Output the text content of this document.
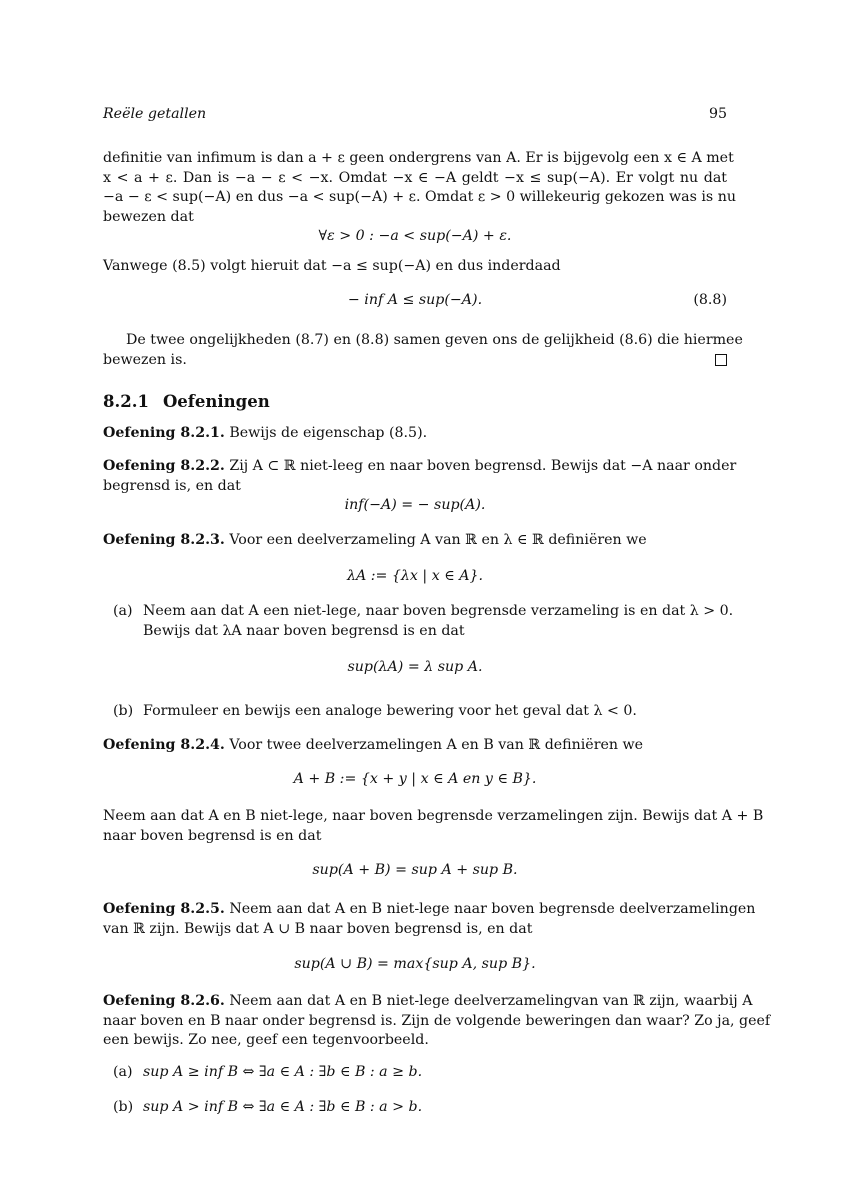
Reële getallen	95
definitie van infimum is dan a + ε geen ondergrens van A. Er is bijgevolg een x ∈ A met
x < a + ε. Dan is −a − ε < −x. Omdat −x ∈ −A geldt −x ≤ sup(−A). Er volgt nu dat
−a − ε < sup(−A) en dus −a < sup(−A) + ε. Omdat ε > 0 willekeurig gekozen was is nu
bewezen dat
∀ε > 0 : −a < sup(−A) + ε.
Vanwege (8.5) volgt hieruit dat −a ≤ sup(−A) en dus inderdaad
− inf A ≤ sup(−A).	(8.8)
De twee ongelijkheden (8.7) en (8.8) samen geven ons de gelijkheid (8.6) die hiermee
bewezen is.
8.2.1 Oefeningen
Oefening 8.2.1. Bewijs de eigenschap (8.5).
Oefening 8.2.2. Zij A ⊂ ℝ niet-leeg en naar boven begrensd. Bewijs dat −A naar onder
begrensd is, en dat
inf(−A) = − sup(A).
Oefening 8.2.3. Voor een deelverzameling A van ℝ en λ ∈ ℝ definiëren we
λA := {λx | x ∈ A}.
(a) Neem aan dat A een niet-lege, naar boven begrensde verzameling is en dat λ > 0.
Bewijs dat λA naar boven begrensd is en dat
sup(λA) = λ sup A.
(b) Formuleer en bewijs een analoge bewering voor het geval dat λ < 0.
Oefening 8.2.4. Voor twee deelverzamelingen A en B van ℝ definiëren we
A + B := {x + y | x ∈ A en y ∈ B}.
Neem aan dat A en B niet-lege, naar boven begrensde verzamelingen zijn. Bewijs dat A + B
naar boven begrensd is en dat
sup(A + B) = sup A + sup B.
Oefening 8.2.5. Neem aan dat A en B niet-lege naar boven begrensde deelverzamelingen
van ℝ zijn. Bewijs dat A ∪ B naar boven begrensd is, en dat
sup(A ∪ B) = max{sup A, sup B}.
Oefening 8.2.6. Neem aan dat A en B niet-lege deelverzamelingvan van ℝ zijn, waarbij A
naar boven en B naar onder begrensd is. Zijn de volgende beweringen dan waar? Zo ja, geef
een bewijs. Zo nee, geef een tegenvoorbeeld.
(a) sup A ≥ inf B ⇔ ∃a ∈ A : ∃b ∈ B : a ≥ b.
(b) sup A > inf B ⇔ ∃a ∈ A : ∃b ∈ B : a > b.
